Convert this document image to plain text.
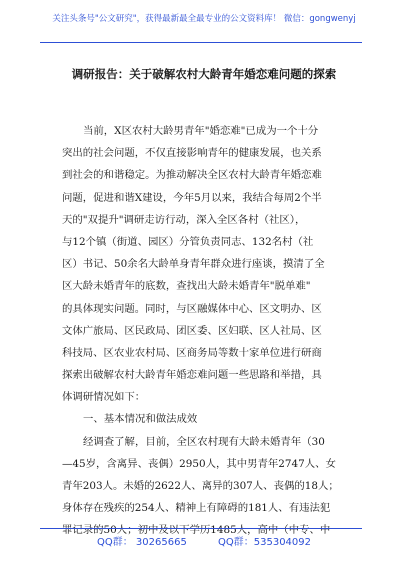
关注头条号"公文研究"，获得最新最全最专业的公文资料库！ 微信：gongwenyj
调研报告：关于破解农村大龄青年婚恋难问题的探索
当前，X区农村大龄男青年"婚恋难"已成为一个十分
突出的社会问题，不仅直接影响青年的健康发展，也关系
到社会的和谐稳定。为推动解决全区农村大龄青年婚恋难
问题，促进和谐X建设，今年5月以来，我结合每周2个半
天的"双提升"调研走访行动，深入全区各村（社区），
与12个镇（街道、园区）分管负责同志、132名村（社
区）书记、50余名大龄单身青年群众进行座谈，摸清了全
区大龄未婚青年的底数，查找出大龄未婚青年"脱单难"
的具体现实问题。同时，与区融媒体中心、区文明办、区
文体广旅局、区民政局、团区委、区妇联、区人社局、区
科技局、区农业农村局、区商务局等数十家单位进行研商
探索出破解农村大龄青年婚恋难问题一些思路和举措，具
体调研情况如下：
一、基本情况和做法成效
经调查了解，目前，全区农村现有大龄未婚青年（30
—45岁，含离异、丧偶）2950人，其中男青年2747人、女
青年203人。未婚的2622人、离异的307人、丧偶的18人；
身体存在残疾的254人、精神上有障碍的181人、有违法犯
罪记录的50人；初中及以下学历1485人，高中（中专、中
QQ群： 30265665	QQ群：535304092
